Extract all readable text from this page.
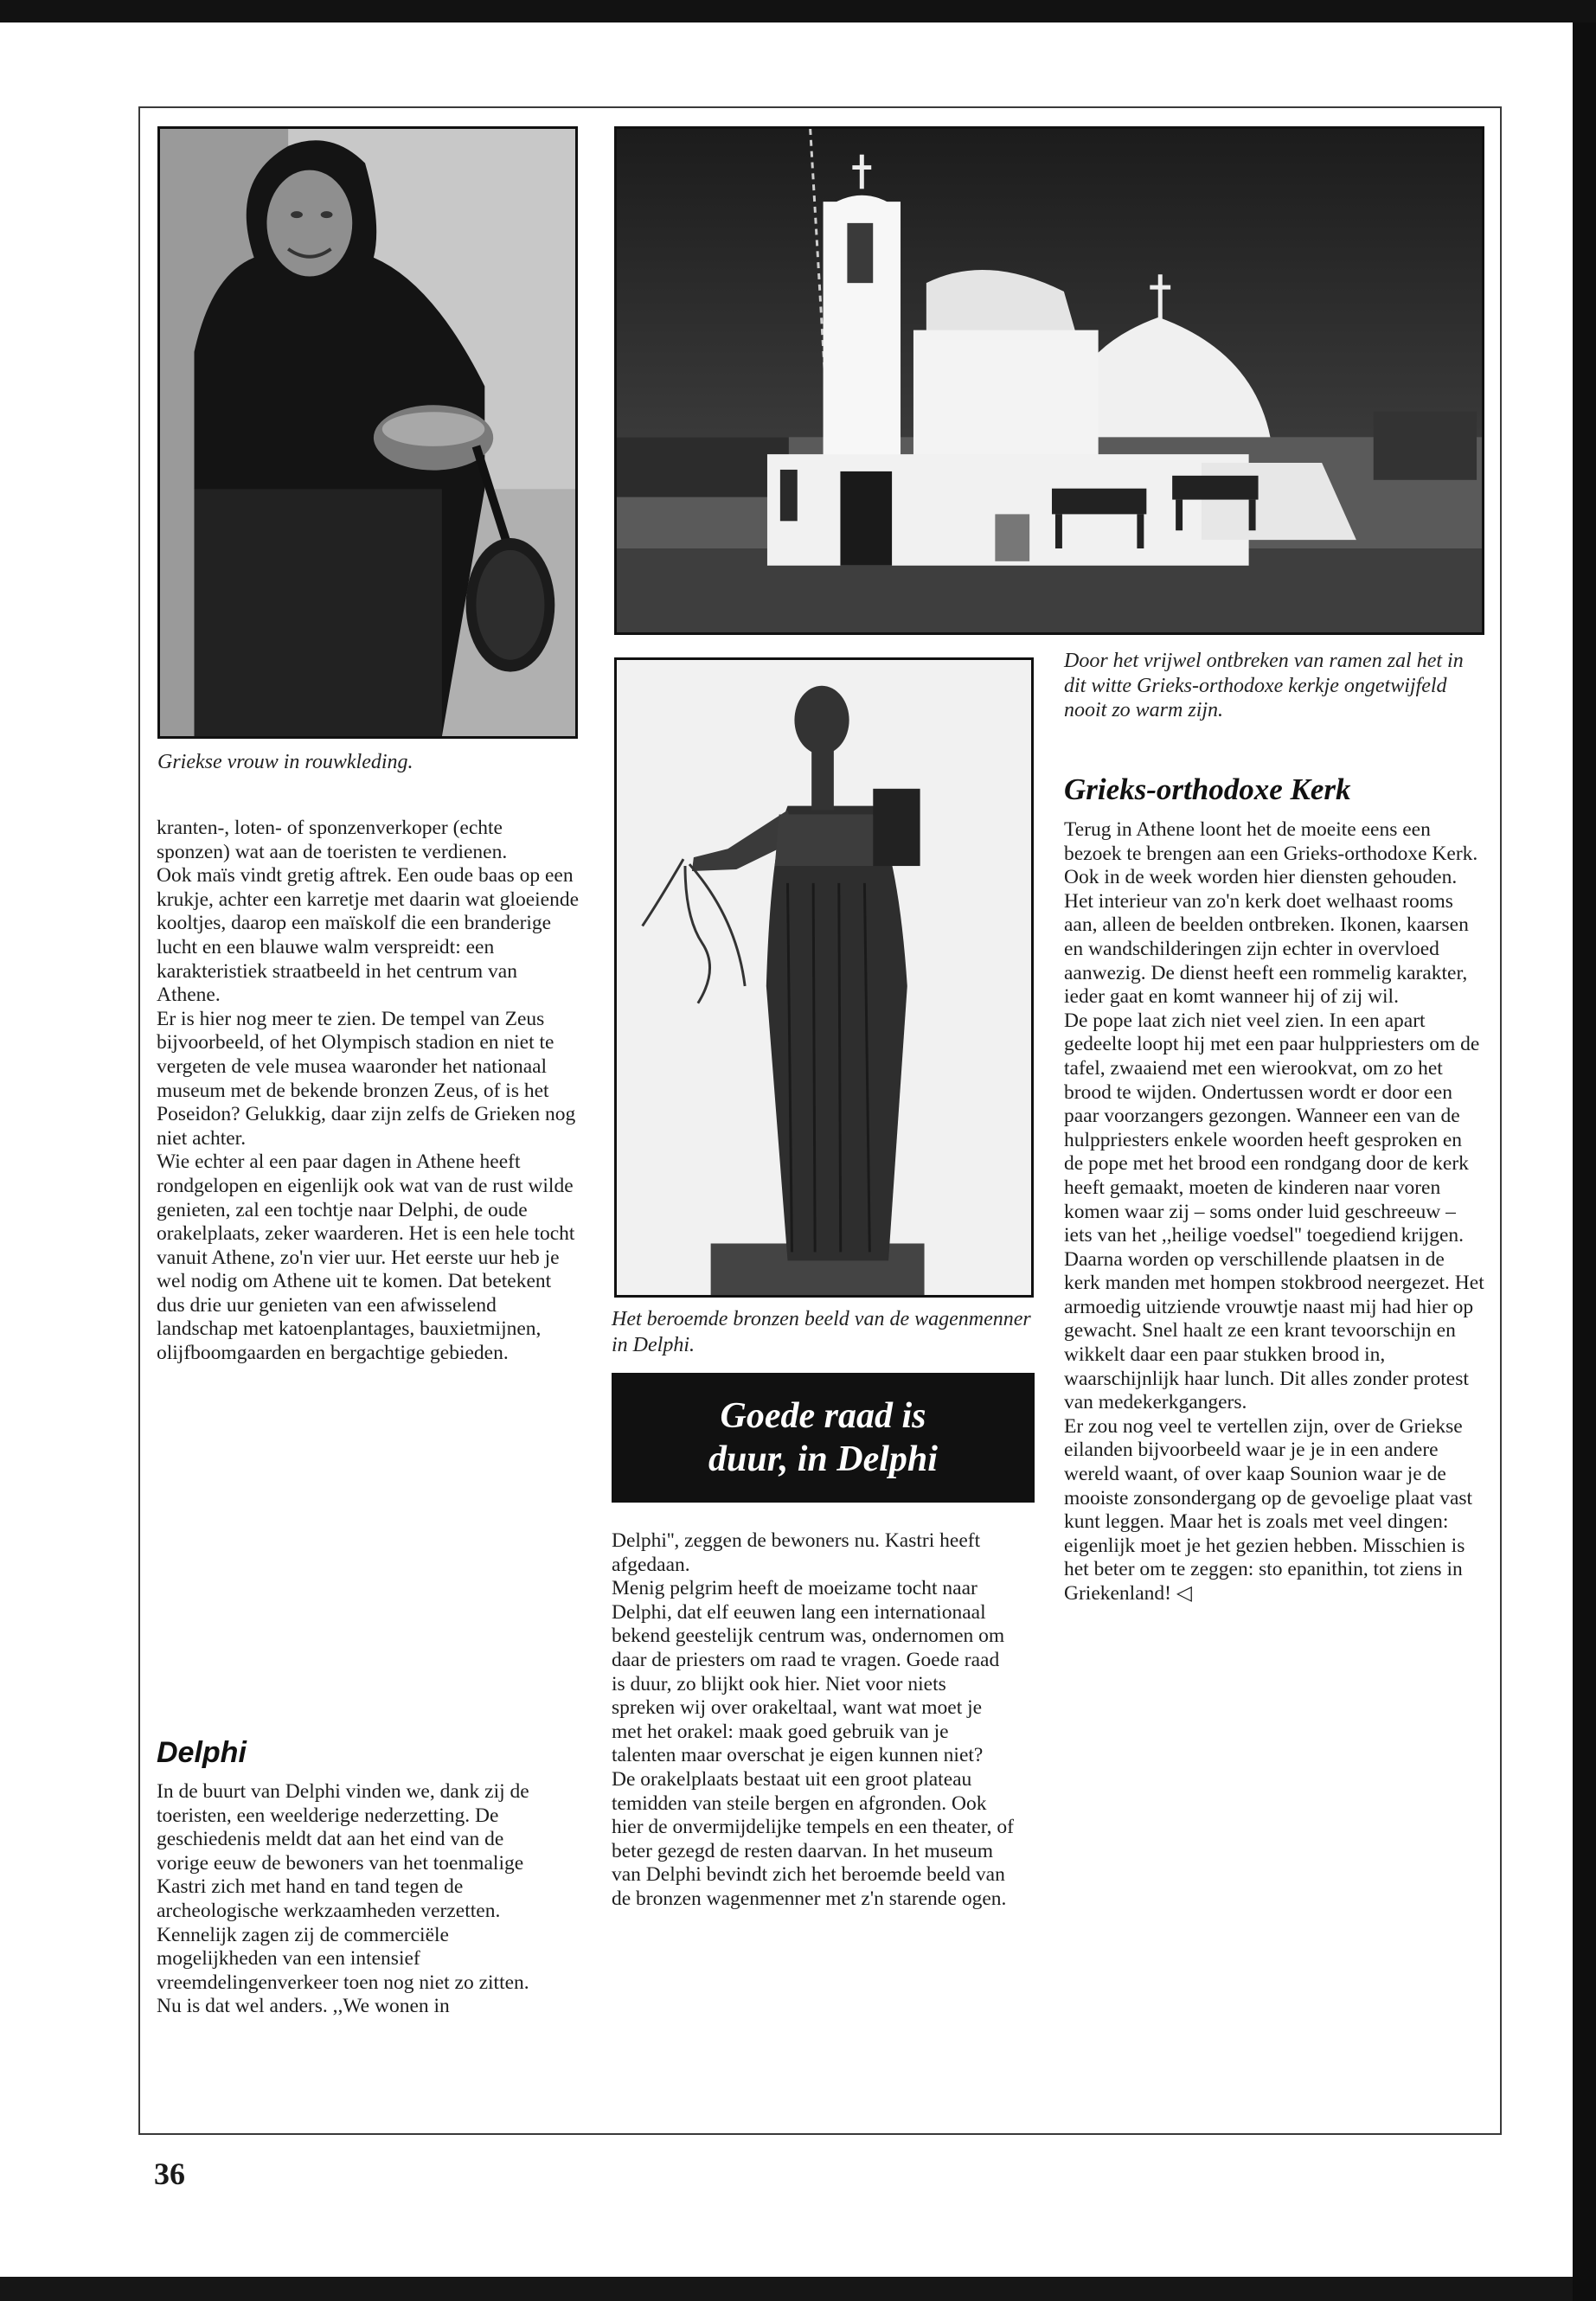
Griekse vrouw in rouwkleding.
Door het vrijwel ontbreken van ramen zal het in dit witte Grieks-orthodoxe kerkje ongetwijfeld nooit zo warm zijn.
Het beroemde bronzen beeld van de wagenmenner in Delphi.
Goede raad is
duur, in Delphi

kranten-, loten- of sponzenverkoper (echte sponzen) wat aan de toeristen te verdienen.

Ook maïs vindt gretig aftrek. Een oude baas op een krukje, achter een karretje met daarin wat gloeiende kooltjes, daarop een maïskolf die een branderige lucht en een blauwe walm verspreidt: een karakteristiek straatbeeld in het centrum van Athene.

Er is hier nog meer te zien. De tempel van Zeus bijvoorbeeld, of het Olympisch stadion en niet te vergeten de vele musea waaronder het nationaal museum met de bekende bronzen Zeus, of is het Poseidon? Gelukkig, daar zijn zelfs de Grieken nog niet achter.

Wie echter al een paar dagen in Athene heeft rondgelopen en eigenlijk ook wat van de rust wilde genieten, zal een tochtje naar Delphi, de oude orakelplaats, zeker waarderen. Het is een hele tocht vanuit Athene, zo'n vier uur. Het eerste uur heb je wel nodig om Athene uit te komen. Dat betekent dus drie uur genieten van een afwisselend landschap met katoenplantages, bauxietmijnen, olijfboomgaarden en bergachtige gebieden.

Delphi

In de buurt van Delphi vinden we, dank zij de toeristen, een weelderige nederzetting. De geschiedenis meldt dat aan het eind van de vorige eeuw de bewoners van het toenmalige Kastri zich met hand en tand tegen de archeologische werkzaamheden verzetten. Kennelijk zagen zij de commerciële mogelijkheden van een intensief vreemdelingenverkeer toen nog niet zo zitten. Nu is dat wel anders. ,,We wonen in

Delphi'', zeggen de bewoners nu. Kastri heeft afgedaan.

Menig pelgrim heeft de moeizame tocht naar Delphi, dat elf eeuwen lang een internationaal bekend geestelijk centrum was, ondernomen om daar de priesters om raad te vragen. Goede raad is duur, zo blijkt ook hier. Niet voor niets spreken wij over orakeltaal, want wat moet je met het orakel: maak goed gebruik van je talenten maar overschat je eigen kunnen niet?

De orakelplaats bestaat uit een groot plateau temidden van steile bergen en afgronden. Ook hier de onvermijdelijke tempels en een theater, of beter gezegd de resten daarvan. In het museum van Delphi bevindt zich het beroemde beeld van de bronzen wagenmenner met z'n starende ogen.

Grieks-orthodoxe Kerk

Terug in Athene loont het de moeite eens een bezoek te brengen aan een Grieks-orthodoxe Kerk.

Ook in de week worden hier diensten gehouden. Het interieur van zo'n kerk doet welhaast rooms aan, alleen de beelden ontbreken. Ikonen, kaarsen en wandschilderingen zijn echter in overvloed aanwezig. De dienst heeft een rommelig karakter, ieder gaat en komt wanneer hij of zij wil.

De pope laat zich niet veel zien. In een apart gedeelte loopt hij met een paar hulppriesters om de tafel, zwaaiend met een wierookvat, om zo het brood te wijden. Ondertussen wordt er door een paar voorzangers gezongen. Wanneer een van de hulppriesters enkele woorden heeft gesproken en de pope met het brood een rondgang door de kerk heeft gemaakt, moeten de kinderen naar voren komen waar zij – soms onder luid geschreeuw – iets van het ,,heilige voedsel'' toegediend krijgen.

Daarna worden op verschillende plaatsen in de kerk manden met hompen stokbrood neergezet. Het armoedig uitziende vrouwtje naast mij had hier op gewacht. Snel haalt ze een krant tevoorschijn en wikkelt daar een paar stukken brood in, waarschijnlijk haar lunch. Dit alles zonder protest van medekerkgangers.

Er zou nog veel te vertellen zijn, over de Griekse eilanden bijvoorbeeld waar je je in een andere wereld waant, of over kaap Sounion waar je de mooiste zonsondergang op de gevoelige plaat vast kunt leggen. Maar het is zoals met veel dingen: eigenlijk moet je het gezien hebben. Misschien is het beter om te zeggen: sto epanithin, tot ziens in Griekenland! ◁

36
